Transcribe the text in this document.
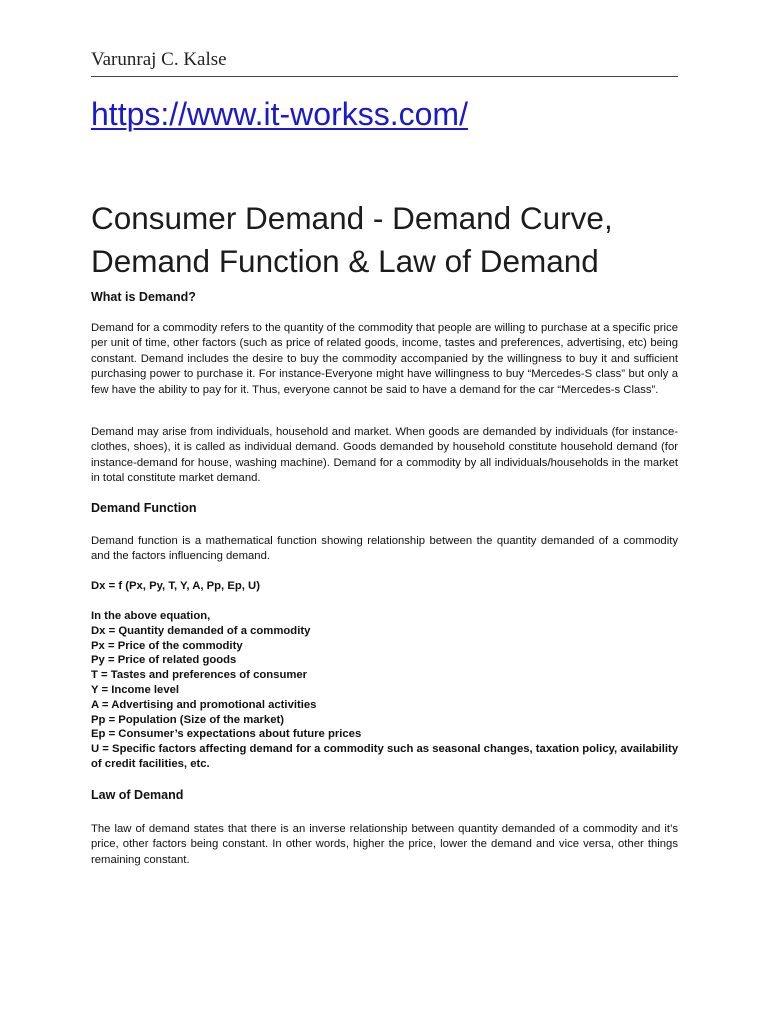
Varunraj C. Kalse
https://www.it-workss.com/
Consumer Demand - Demand Curve,
Demand Function & Law of Demand
What is Demand?

Demand for a commodity refers to the quantity of the commodity that people are willing to purchase at a specific price per unit of time, other factors (such as price of related goods, income, tastes and preferences, advertising, etc) being constant. Demand includes the desire to buy the commodity accompanied by the willingness to buy it and sufficient purchasing power to purchase it. For instance-Everyone might have willingness to buy “Mercedes-S class” but only a few have the ability to pay for it. Thus, everyone cannot be said to have a demand for the car “Mercedes-s Class”.

Demand may arise from individuals, household and market. When goods are demanded by individuals (for instance-clothes, shoes), it is called as individual demand. Goods demanded by household constitute household demand (for instance-demand for house, washing machine). Demand for a commodity by all individuals/households in the market in total constitute market demand.

Demand Function

Demand function is a mathematical function showing relationship between the quantity demanded of a commodity and the factors influencing demand.

Dx = f (Px, Py, T, Y, A, Pp, Ep, U)

In the above equation,
Dx = Quantity demanded of a commodity
Px = Price of the commodity
Py = Price of related goods
T = Tastes and preferences of consumer
Y = Income level
A = Advertising and promotional activities
Pp = Population (Size of the market)
Ep = Consumer’s expectations about future prices
U = Specific factors affecting demand for a commodity such as seasonal changes, taxation policy, availability of credit facilities, etc.
Law of Demand

The law of demand states that there is an inverse relationship between quantity demanded of a commodity and it’s price, other factors being constant. In other words, higher the price, lower the demand and vice versa, other things remaining constant.
